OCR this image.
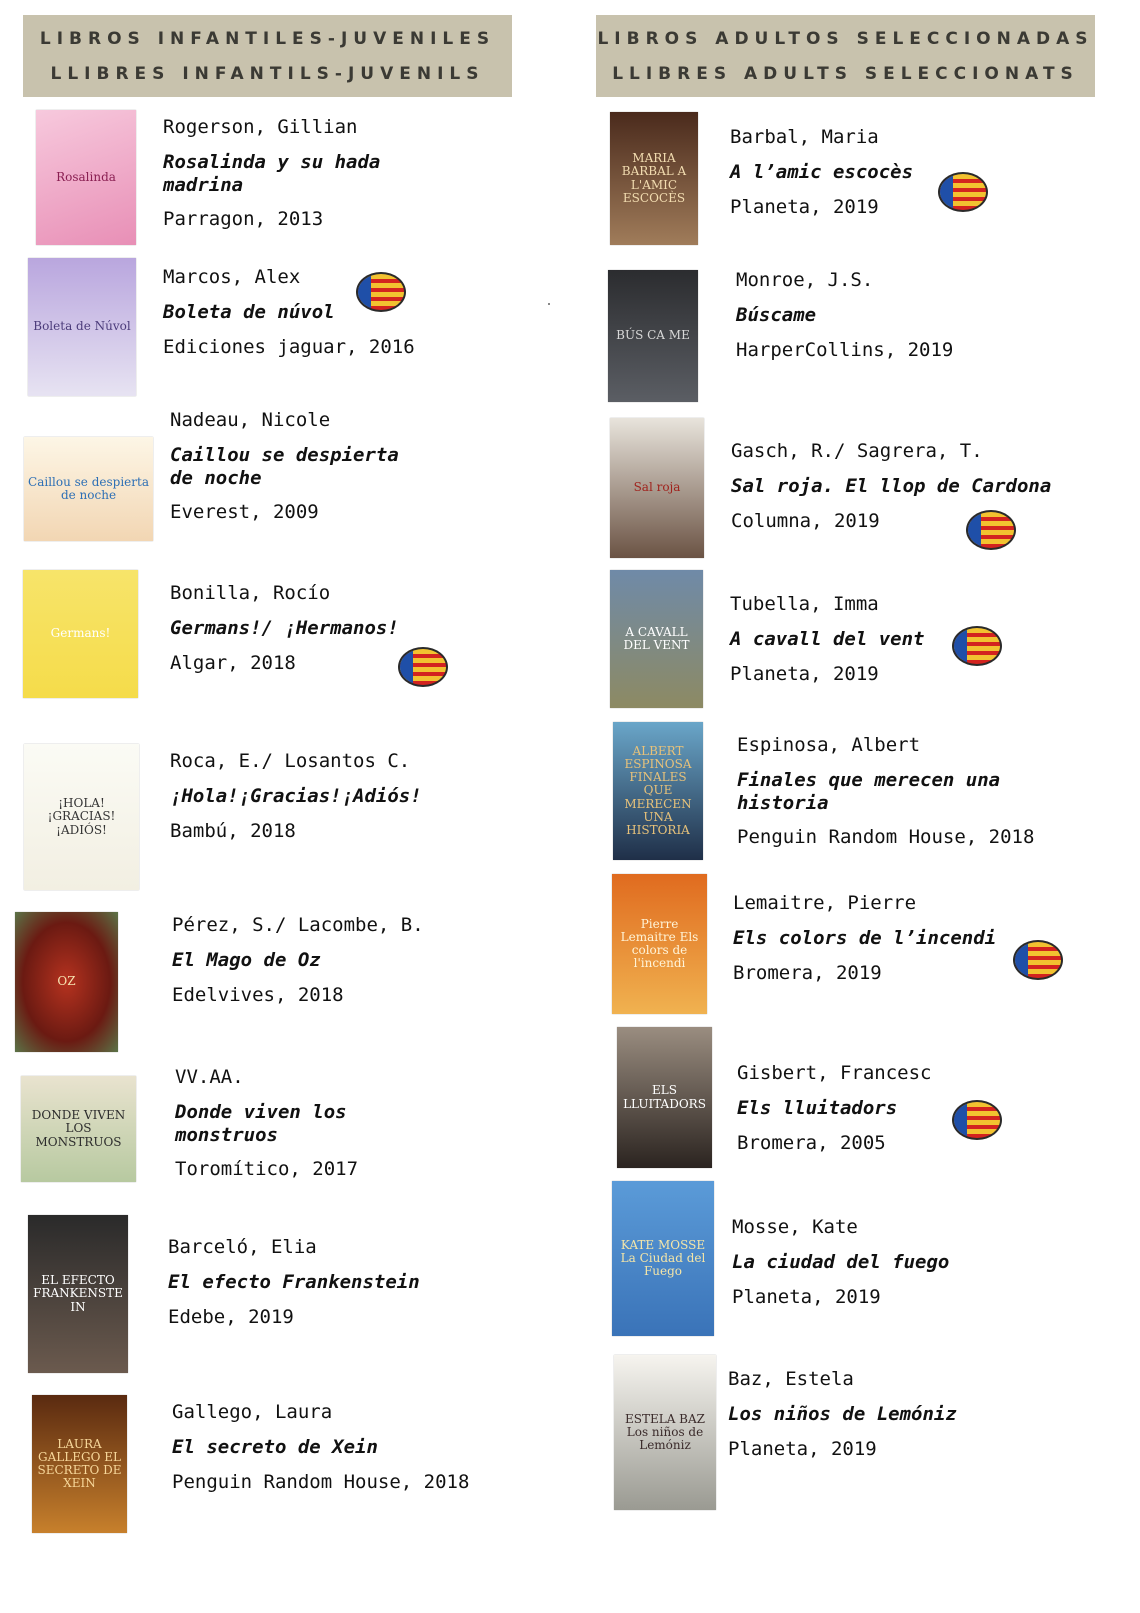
LIBROS INFANTILES-JUVENILES
LLIBRES INFANTILS-JUVENILS
LIBROS ADULTOS SELECCIONADAS
LLIBRES ADULTS SELECCIONATS
Rosalinda

Rogerson, Gillian

Rosalinda y su hada madrina

Parragon, 2013

Boleta de Núvol

Marcos, Alex

Boleta de núvol

Ediciones jaguar, 2016

Caillou se despierta de noche

Nadeau, Nicole

Caillou se despierta de noche

Everest, 2009

Germans!

Bonilla, Rocío

Germans!/ ¡Hermanos!

Algar, 2018

¡HOLA! ¡GRACIAS! ¡ADIÓS!

Roca, E./ Losantos C.

¡Hola!¡Gracias!¡Adiós!

Bambú, 2018

OZ

Pérez, S./ Lacombe, B.

El Mago de Oz

Edelvives, 2018

DONDE VIVEN LOS MONSTRUOS

VV.AA.

Donde viven los monstruos

Toromítico, 2017

EL EFECTO FRANKENSTEIN

Barceló, Elia

El efecto Frankenstein

Edebe, 2019

LAURA GALLEGO EL SECRETO DE XEIN

Gallego, Laura

El secreto de Xein

Penguin Random House, 2018

MARIA BARBAL A L'AMIC ESCOCÈS

Barbal, Maria

A l’amic escocès

Planeta, 2019

BÚS CA ME

Monroe, J.S.

Búscame

HarperCollins, 2019

Sal roja

Gasch, R./ Sagrera, T.

Sal roja. El llop de Cardona

Columna, 2019

A CAVALL DEL VENT

Tubella, Imma

A cavall del vent

Planeta, 2019

ALBERT ESPINOSA FINALES QUE MERECEN UNA HISTORIA

Espinosa, Albert

Finales que merecen una historia

Penguin Random House, 2018

Pierre Lemaitre Els colors de l'incendi

Lemaitre, Pierre

Els colors de l’incendi

Bromera, 2019

ELS LLUITADORS

Gisbert, Francesc

Els lluitadors

Bromera, 2005

KATE MOSSE La Ciudad del Fuego

Mosse, Kate

La ciudad del fuego

Planeta, 2019

ESTELA BAZ Los niños de Lemóniz

Baz, Estela

Los niños de Lemóniz

Planeta, 2019
